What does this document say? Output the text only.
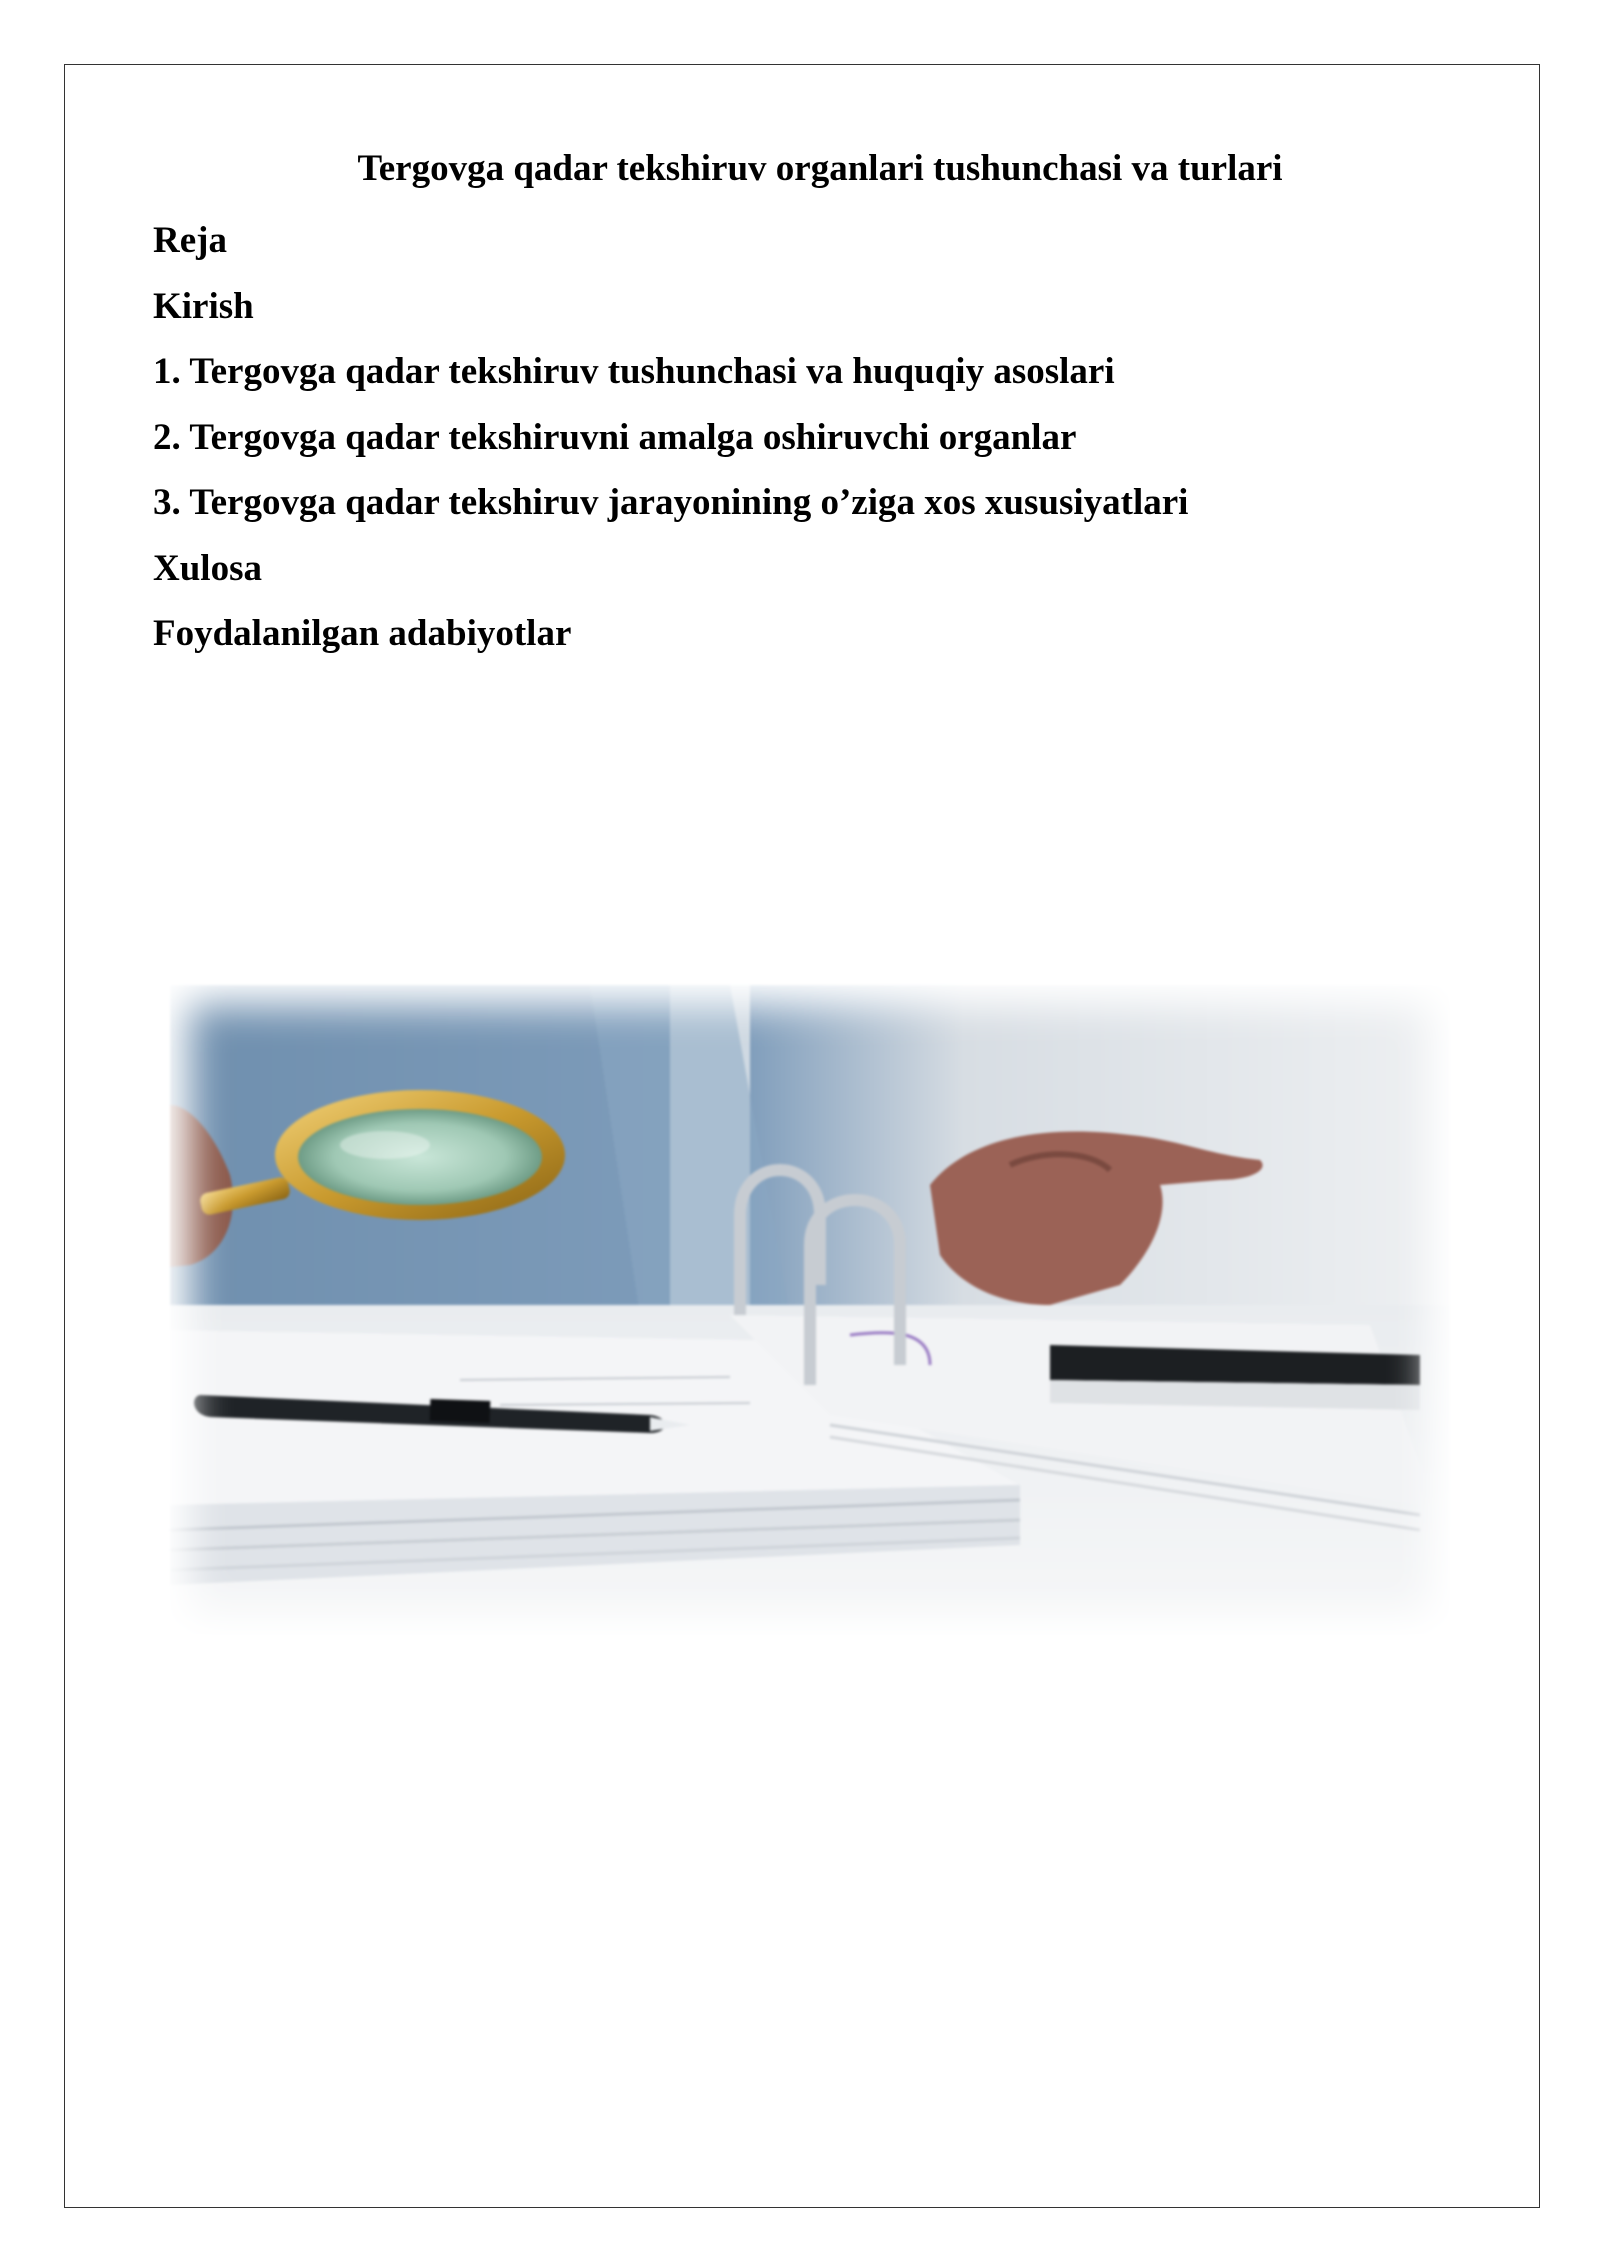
Tergovga qadar tekshiruv organlari tushunchasi va turlari
Reja
Kirish
1. Tergovga qadar tekshiruv tushunchasi va huquqiy asoslari
2. Tergovga qadar tekshiruvni amalga oshiruvchi organlar
3. Tergovga qadar tekshiruv jarayonining o’ziga xos xususiyatlari
Xulosa
Foydalanilgan adabiyotlar
